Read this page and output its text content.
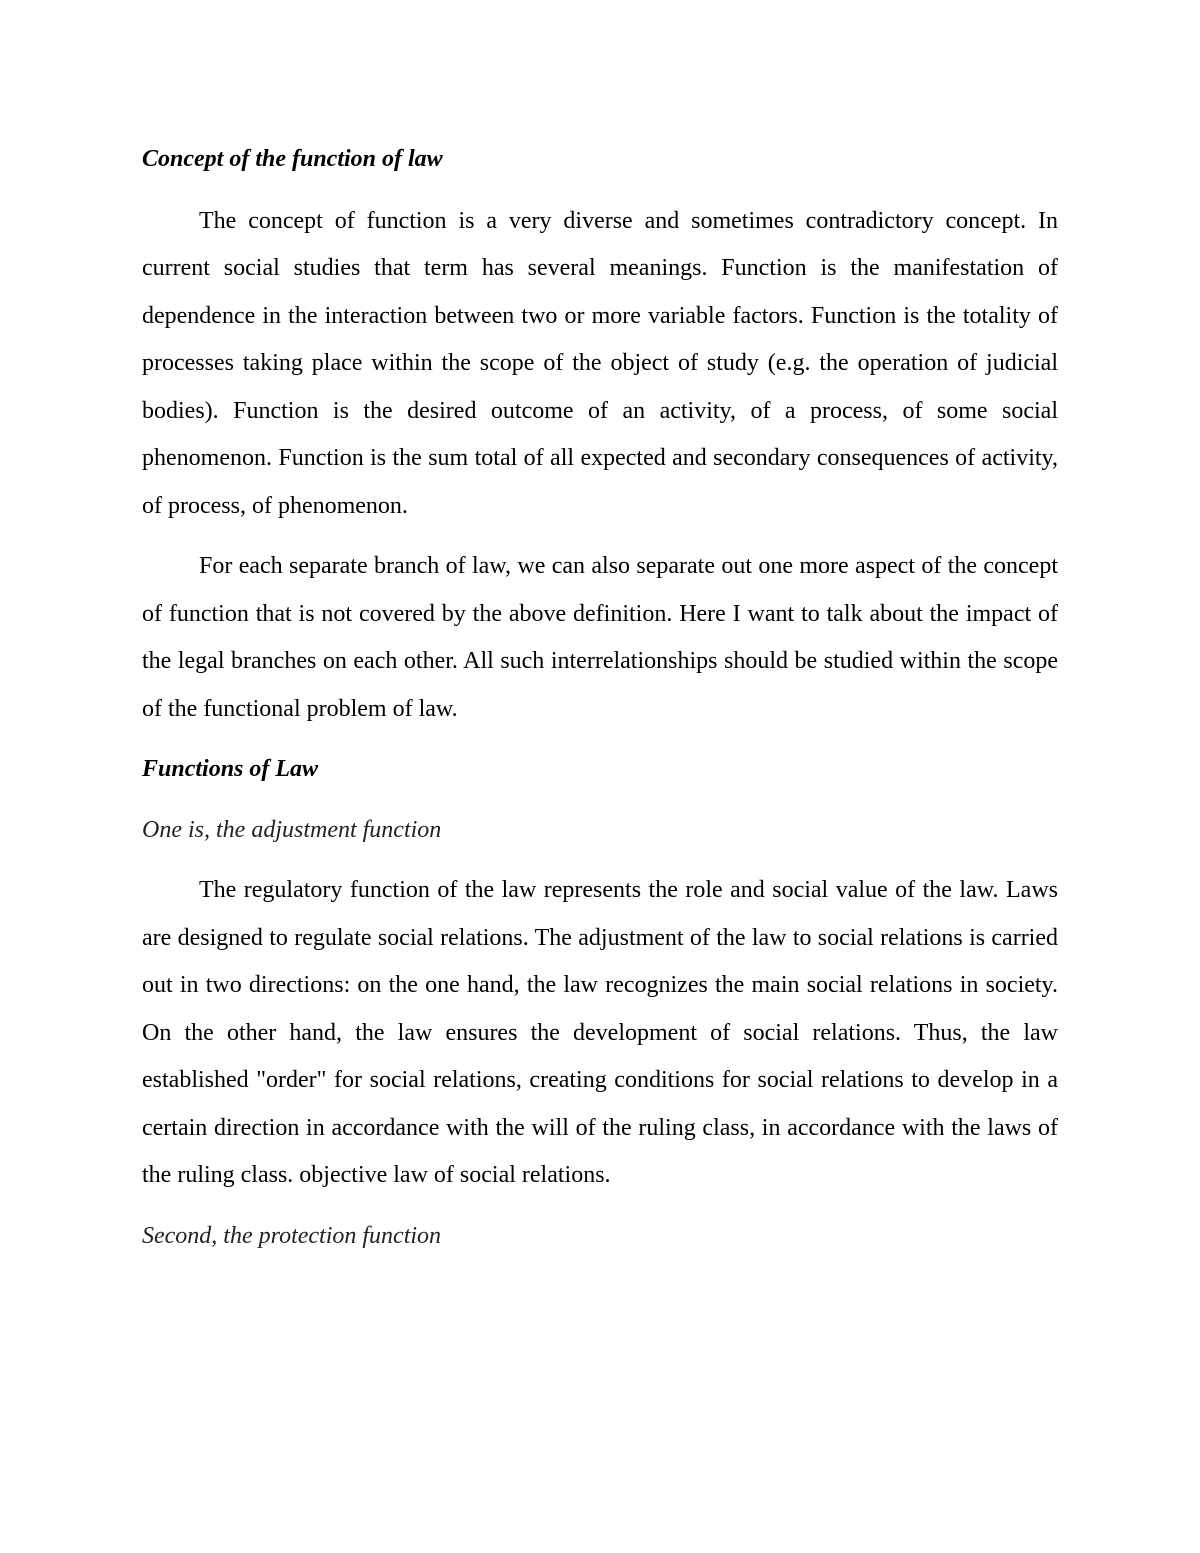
Concept of the function of law

The concept of function is a very diverse and sometimes contradictory concept. In current social studies that term has several meanings. Function is the manifestation of dependence in the interaction between two or more variable factors. Function is the totality of processes taking place within the scope of the object of study (e.g. the operation of judicial bodies). Function is the desired outcome of an activity, of a process, of some social phenomenon. Function is the sum total of all expected and secondary consequences of activity, of process, of phenomenon.

For each separate branch of law, we can also separate out one more aspect of the concept of function that is not covered by the above definition. Here I want to talk about the impact of the legal branches on each other. All such interrelationships should be studied within the scope of the functional problem of law.

Functions of Law
One is, the adjustment function

The regulatory function of the law represents the role and social value of the law. Laws are designed to regulate social relations. The adjustment of the law to social relations is carried out in two directions: on the one hand, the law recognizes the main social relations in society. On the other hand, the law ensures the development of social relations. Thus, the law established "order" for social relations, creating conditions for social relations to develop in a certain direction in accordance with the will of the ruling class, in accordance with the laws of the ruling class. objective law of social relations.

Second, the protection function
